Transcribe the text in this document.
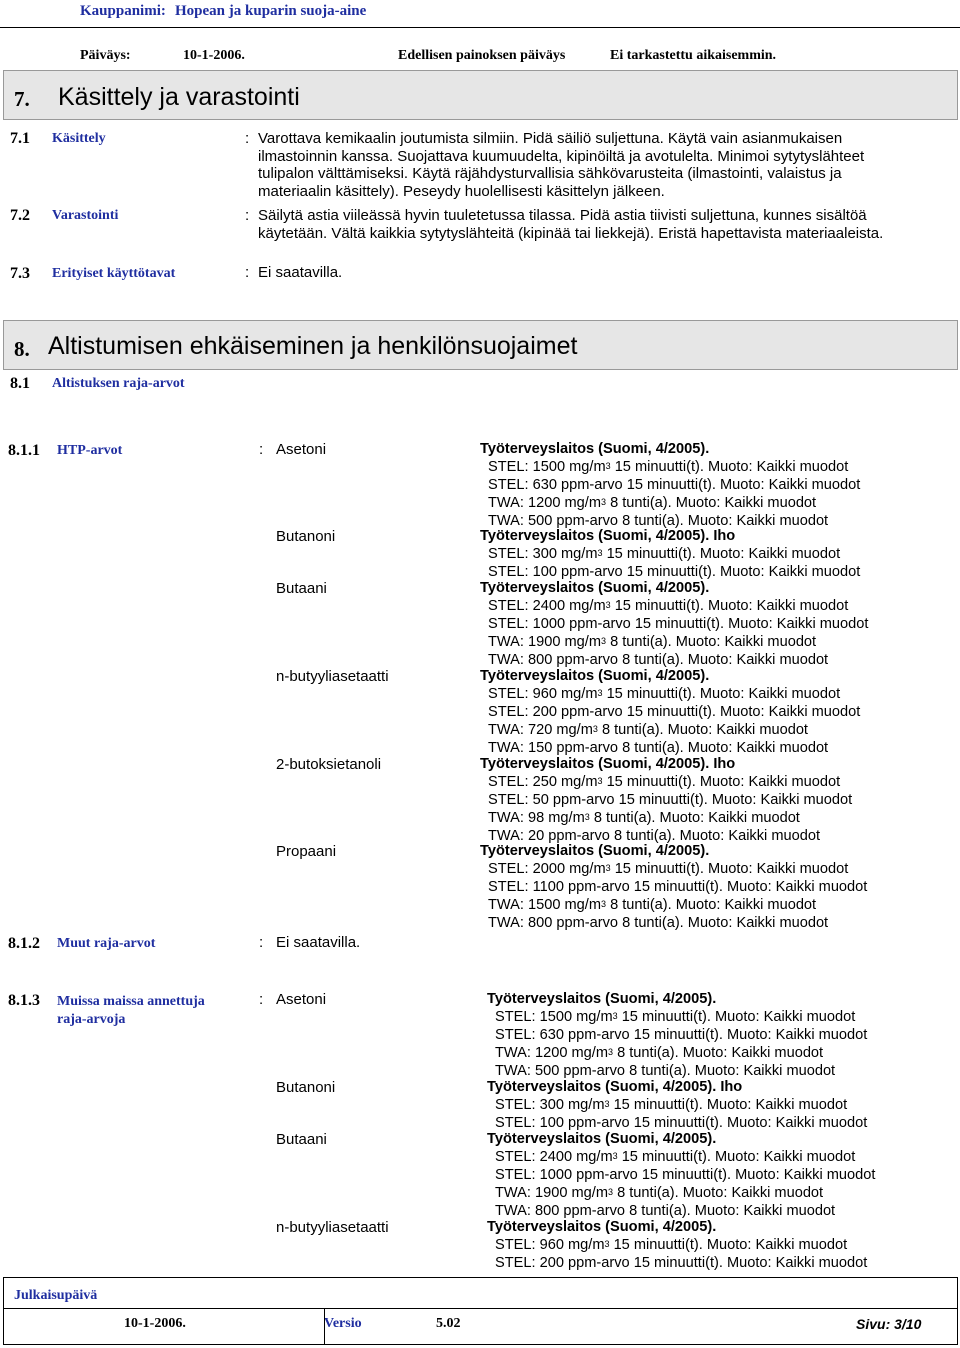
Kauppanimi: Hopean ja kuparin suoja-aine
Päiväys:	10-1-2006.	Edellisen painoksen päiväys	Ei tarkastettu aikaisemmin.
7. Käsittely ja varastointi
7.1 Käsittely	: Varottava kemikaalin joutumista silmiin. Pidä säiliö suljettuna. Käytä vain asianmukaisen
ilmastoinnin kanssa. Suojattava kuumuudelta, kipinöiltä ja avotulelta. Minimoi sytytyslähteet
tulipalon välttämiseksi. Käytä räjähdysturvallisia sähkövarusteita (ilmastointi, valaistus ja
materiaalin käsittely). Peseydy huolellisesti käsittelyn jälkeen.
7.2 Varastointi	: Säilytä astia viileässä hyvin tuuletetussa tilassa. Pidä astia tiivisti suljettuna, kunnes sisältöä
käytetään. Vältä kaikkia sytytyslähteitä (kipinää tai liekkejä). Eristä hapettavista materiaaleista.
7.3 Erityiset käyttötavat	: Ei saatavilla.
8. Altistumisen ehkäiseminen ja henkilönsuojaimet
8.1 Altistuksen raja-arvot
8.1.1 HTP-arvot	: Asetoni	Työterveyslaitos (Suomi, 4/2005).
STEL: 1500 $mg/m^3$ 15 minuutti(t). Muoto: Kaikki muodot
STEL: 630 ppm-arvo 15 minuutti(t). Muoto: Kaikki muodot
TWA: 1200 $mg/m^3$ 8 tunti(a). Muoto: Kaikki muodot
TWA: 500 ppm-arvo 8 tunti(a). Muoto: Kaikki muodot
Butanoni	Työterveyslaitos (Suomi, 4/2005). Iho
STEL: 300 $mg/m^3$ 15 minuutti(t). Muoto: Kaikki muodot
STEL: 100 ppm-arvo 15 minuutti(t). Muoto: Kaikki muodot
Butaani	Työterveyslaitos (Suomi, 4/2005).
STEL: 2400 $mg/m^3$ 15 minuutti(t). Muoto: Kaikki muodot
STEL: 1000 ppm-arvo 15 minuutti(t). Muoto: Kaikki muodot
TWA: 1900 $mg/m^3$ 8 tunti(a). Muoto: Kaikki muodot
TWA: 800 ppm-arvo 8 tunti(a). Muoto: Kaikki muodot
n-butyyliasetaatti	Työterveyslaitos (Suomi, 4/2005).
STEL: 960 $mg/m^3$ 15 minuutti(t). Muoto: Kaikki muodot
STEL: 200 ppm-arvo 15 minuutti(t). Muoto: Kaikki muodot
TWA: 720 $mg/m^3$ 8 tunti(a). Muoto: Kaikki muodot
TWA: 150 ppm-arvo 8 tunti(a). Muoto: Kaikki muodot
2-butoksietanoli	Työterveyslaitos (Suomi, 4/2005). Iho
STEL: 250 $mg/m^3$ 15 minuutti(t). Muoto: Kaikki muodot
STEL: 50 ppm-arvo 15 minuutti(t). Muoto: Kaikki muodot
TWA: 98 $mg/m^3$ 8 tunti(a). Muoto: Kaikki muodot
TWA: 20 ppm-arvo 8 tunti(a). Muoto: Kaikki muodot
Propaani	Työterveyslaitos (Suomi, 4/2005).
STEL: 2000 $mg/m^3$ 15 minuutti(t). Muoto: Kaikki muodot
STEL: 1100 ppm-arvo 15 minuutti(t). Muoto: Kaikki muodot
TWA: 1500 $mg/m^3$ 8 tunti(a). Muoto: Kaikki muodot
TWA: 800 ppm-arvo 8 tunti(a). Muoto: Kaikki muodot
8.1.2 Muut raja-arvot	: Ei saatavilla.
8.1.3 Muissa maissa annettuja
raja-arvoja
: Asetoni	Työterveyslaitos (Suomi, 4/2005).
STEL: 1500 $mg/m^3$ 15 minuutti(t). Muoto: Kaikki muodot
STEL: 630 ppm-arvo 15 minuutti(t). Muoto: Kaikki muodot
TWA: 1200 $mg/m^3$ 8 tunti(a). Muoto: Kaikki muodot
TWA: 500 ppm-arvo 8 tunti(a). Muoto: Kaikki muodot
Butanoni	Työterveyslaitos (Suomi, 4/2005). Iho
STEL: 300 $mg/m^3$ 15 minuutti(t). Muoto: Kaikki muodot
STEL: 100 ppm-arvo 15 minuutti(t). Muoto: Kaikki muodot
Butaani	Työterveyslaitos (Suomi, 4/2005).
STEL: 2400 $mg/m^3$ 15 minuutti(t). Muoto: Kaikki muodot
STEL: 1000 ppm-arvo 15 minuutti(t). Muoto: Kaikki muodot
TWA: 1900 $mg/m^3$ 8 tunti(a). Muoto: Kaikki muodot
TWA: 800 ppm-arvo 8 tunti(a). Muoto: Kaikki muodot
n-butyyliasetaatti	Työterveyslaitos (Suomi, 4/2005).
STEL: 960 $mg/m^3$ 15 minuutti(t). Muoto: Kaikki muodot
STEL: 200 ppm-arvo 15 minuutti(t). Muoto: Kaikki muodot
Julkaisupäivä
10-1-2006.	Versio	5.02	Sivu: 3/10
